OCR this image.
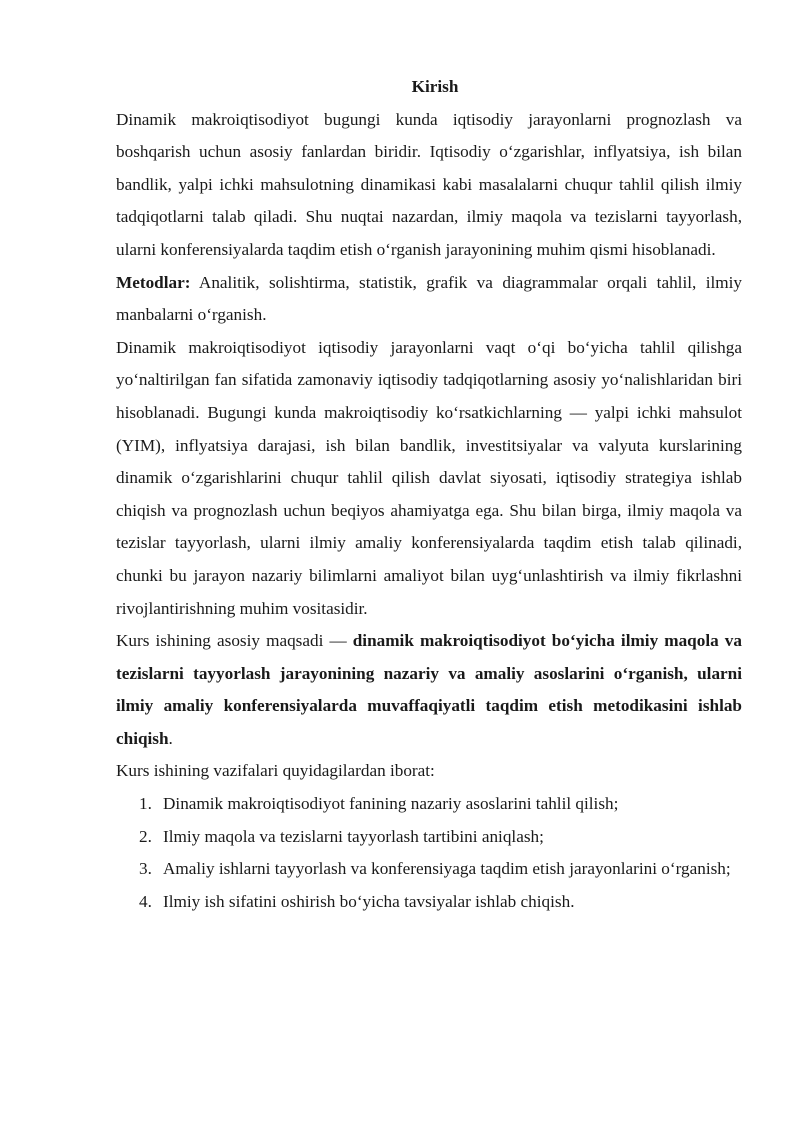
Kirish

Dinamik makroiqtisodiyot bugungi kunda iqtisodiy jarayonlarni prognozlash va boshqarish uchun asosiy fanlardan biridir. Iqtisodiy o‘zgarishlar, inflyatsiya, ish bilan bandlik, yalpi ichki mahsulotning dinamikasi kabi masalalarni chuqur tahlil qilish ilmiy tadqiqotlarni talab qiladi. Shu nuqtai nazardan, ilmiy maqola va tezislarni tayyorlash, ularni konferensiyalarda taqdim etish o‘rganish jarayonining muhim qismi hisoblanadi.

Metodlar: Analitik, solishtirma, statistik, grafik va diagrammalar orqali tahlil, ilmiy manbalarni o‘rganish.

Dinamik makroiqtisodiyot iqtisodiy jarayonlarni vaqt o‘qi bo‘yicha tahlil qilishga yo‘naltirilgan fan sifatida zamonaviy iqtisodiy tadqiqotlarning asosiy yo‘nalishlaridan biri hisoblanadi. Bugungi kunda makroiqtisodiy ko‘rsatkichlarning — yalpi ichki mahsulot (YIM), inflyatsiya darajasi, ish bilan bandlik, investitsiyalar va valyuta kurslarining dinamik o‘zgarishlarini chuqur tahlil qilish davlat siyosati, iqtisodiy strategiya ishlab chiqish va prognozlash uchun beqiyos ahamiyatga ega. Shu bilan birga, ilmiy maqola va tezislar tayyorlash, ularni ilmiy amaliy konferensiyalarda taqdim etish talab qilinadi, chunki bu jarayon nazariy bilimlarni amaliyot bilan uyg‘unlashtirish va ilmiy fikrlashni rivojlantirishning muhim vositasidir.

Kurs ishining asosiy maqsadi — dinamik makroiqtisodiyot bo‘yicha ilmiy maqola va tezislarni tayyorlash jarayonining nazariy va amaliy asoslarini o‘rganish, ularni ilmiy amaliy konferensiyalarda muvaffaqiyatli taqdim etish metodikasini ishlab chiqish.

Kurs ishining vazifalari quyidagilardan iborat:

1. Dinamik makroiqtisodiyot fanining nazariy asoslarini tahlil qilish;
2. Ilmiy maqola va tezislarni tayyorlash tartibini aniqlash;
3. Amaliy ishlarni tayyorlash va konferensiyaga taqdim etish jarayonlarini o‘rganish;
4. Ilmiy ish sifatini oshirish bo‘yicha tavsiyalar ishlab chiqish.
